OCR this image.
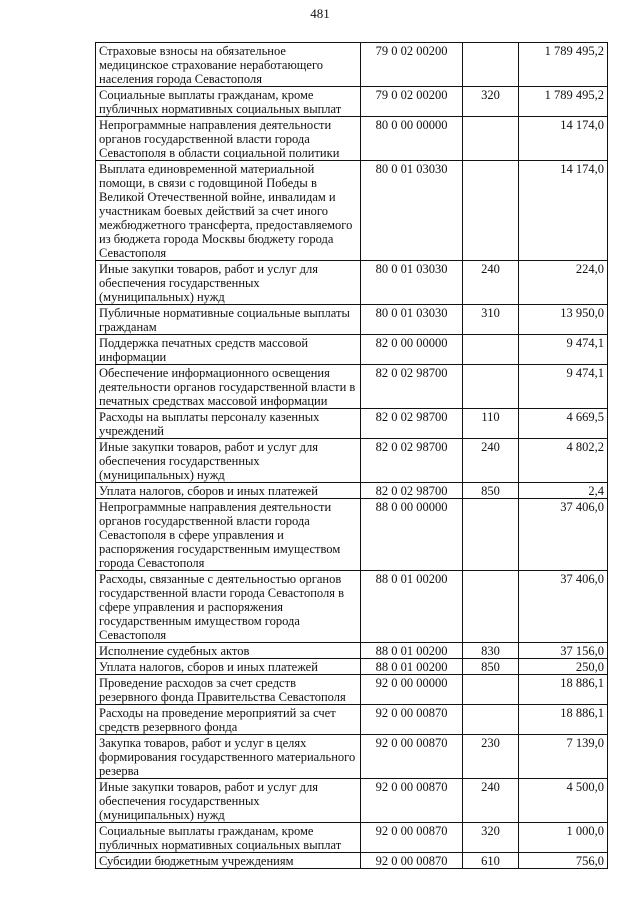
481
Страховые взносы на обязательное медицинское страхование неработающего населения города Севастополя	79 0 02 00200		1 789 495,2
Социальные выплаты гражданам, кроме публичных нормативных социальных выплат	79 0 02 00200	320	1 789 495,2
Непрограммные направления деятельности органов государственной власти города Севастополя в области социальной политики	80 0 00 00000		14 174,0
Выплата единовременной материальной помощи, в связи с годовщиной Победы в Великой Отечественной войне, инвалидам и участникам боевых действий за счет иного межбюджетного трансферта, предоставляемого из бюджета города Москвы бюджету города Севастополя	80 0 01 03030		14 174,0
Иные закупки товаров, работ и услуг для обеспечения государственных (муниципальных) нужд	80 0 01 03030	240	224,0
Публичные нормативные социальные выплаты гражданам	80 0 01 03030	310	13 950,0
Поддержка печатных средств массовой информации	82 0 00 00000		9 474,1
Обеспечение информационного освещения деятельности органов государственной власти в печатных средствах массовой информации	82 0 02 98700		9 474,1
Расходы на выплаты персоналу казенных учреждений	82 0 02 98700	110	4 669,5
Иные закупки товаров, работ и услуг для обеспечения государственных (муниципальных) нужд	82 0 02 98700	240	4 802,2
Уплата налогов, сборов и иных платежей	82 0 02 98700	850	2,4
Непрограммные направления деятельности органов государственной власти города Севастополя в сфере управления и распоряжения государственным имуществом города Севастополя	88 0 00 00000		37 406,0
Расходы, связанные с деятельностью органов государственной власти города Севастополя в сфере управления и распоряжения государственным имуществом города Севастополя	88 0 01 00200		37 406,0
Исполнение судебных актов	88 0 01 00200	830	37 156,0
Уплата налогов, сборов и иных платежей	88 0 01 00200	850	250,0
Проведение расходов за счет средств резервного фонда Правительства Севастополя	92 0 00 00000		18 886,1
Расходы на проведение мероприятий за счет средств резервного фонда	92 0 00 00870		18 886,1
Закупка товаров, работ и услуг в целях формирования государственного материального резерва	92 0 00 00870	230	7 139,0
Иные закупки товаров, работ и услуг для обеспечения государственных (муниципальных) нужд	92 0 00 00870	240	4 500,0
Социальные выплаты гражданам, кроме публичных нормативных социальных выплат	92 0 00 00870	320	1 000,0
Субсидии бюджетным учреждениям	92 0 00 00870	610	756,0
